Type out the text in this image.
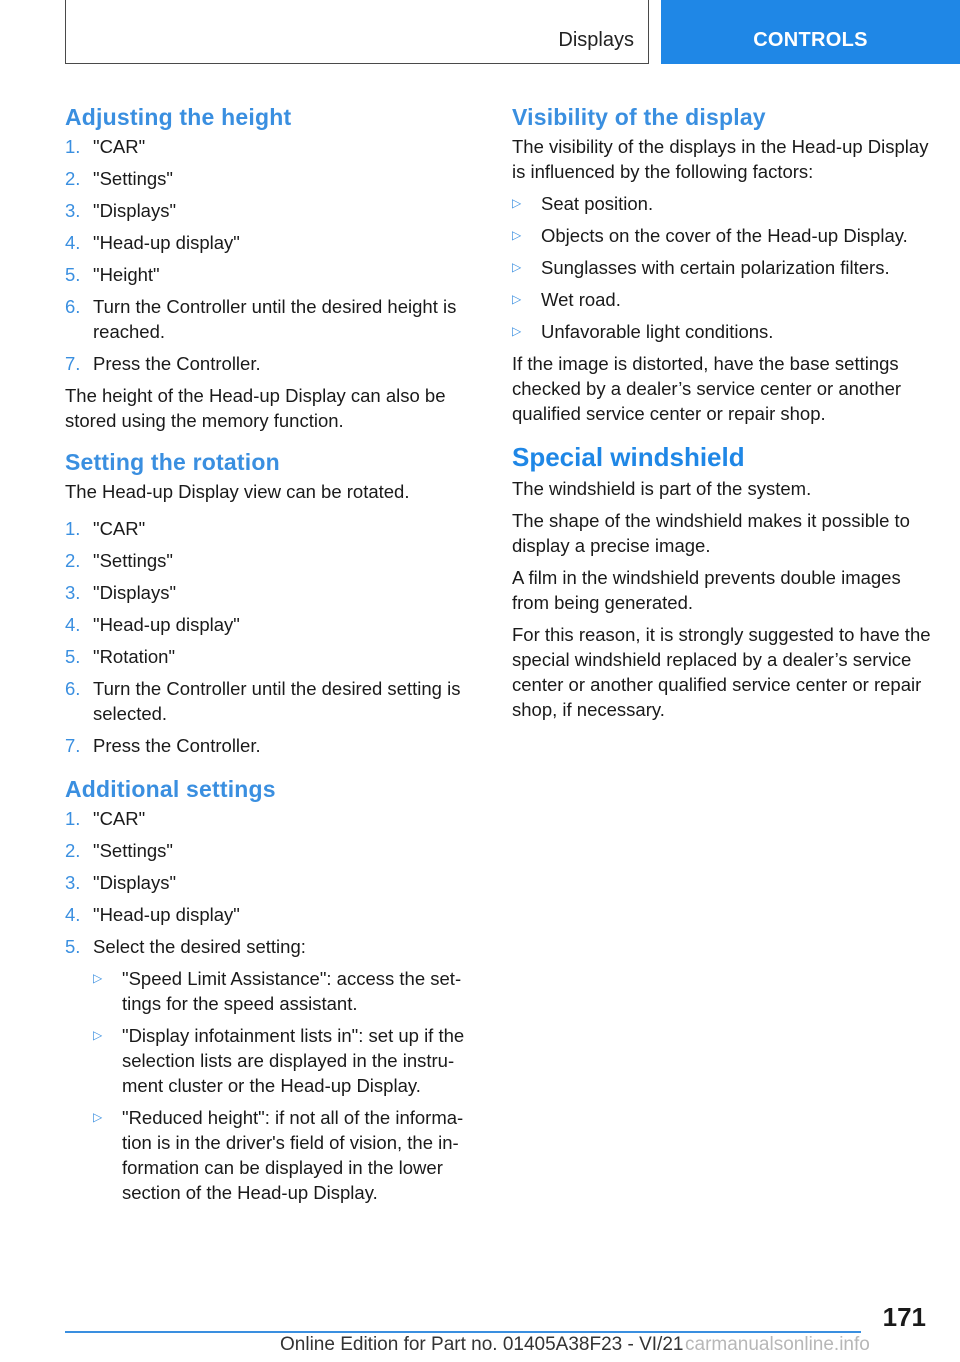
Displays	CONTROLS
Adjusting the height
1 . "CAR"
2 . "Settings"
3 . "Displays"
4 . "Head-up display"
5 . "Height"
6 . Turn the Controller until the desired height is reached.
7 . Press the Controller.

The height of the Head-up Display can also be stored using the memory function.

Setting the rotation

The Head-up Display view can be rotated.

1 . "CAR"
2 . "Settings"
3 . "Displays"
4 . "Head-up display"
5 . "Rotation"
6 . Turn the Controller until the desired setting is selected.
7 . Press the Controller.
Additional settings
1 . "CAR"
2 . "Settings"
3 . "Displays"
4 . "Head-up display"
5 . Select the desired setting:
▷	"Speed Limit Assistance": access the settings for the speed assistant.
▷	"Display infotainment lists in": set up if the selection lists are displayed in the instrument cluster or the Head-up Display.
▷	"Reduced height": if not all of the information is in the driver's field of vision, the information can be displayed in the lower section of the Head-up Display.
Visibility of the display

The visibility of the displays in the Head-up Display is influenced by the following factors:

▷	Seat position.
▷	Objects on the cover of the Head-up Display.
▷	Sunglasses with certain polarization filters.
▷	Wet road.
▷	Unfavorable light conditions.

If the image is distorted, have the base settings checked by a dealer’s service center or another qualified service center or repair shop.

Special windshield

The windshield is part of the system.

The shape of the windshield makes it possible to display a precise image.

A film in the windshield prevents double images from being generated.

For this reason, it is strongly suggested to have the special windshield replaced by a dealer’s service center or another qualified service center or repair shop, if necessary.

171
Online Edition for Part no. 01405A38F23 - VI/21 carmanualsonline.info
